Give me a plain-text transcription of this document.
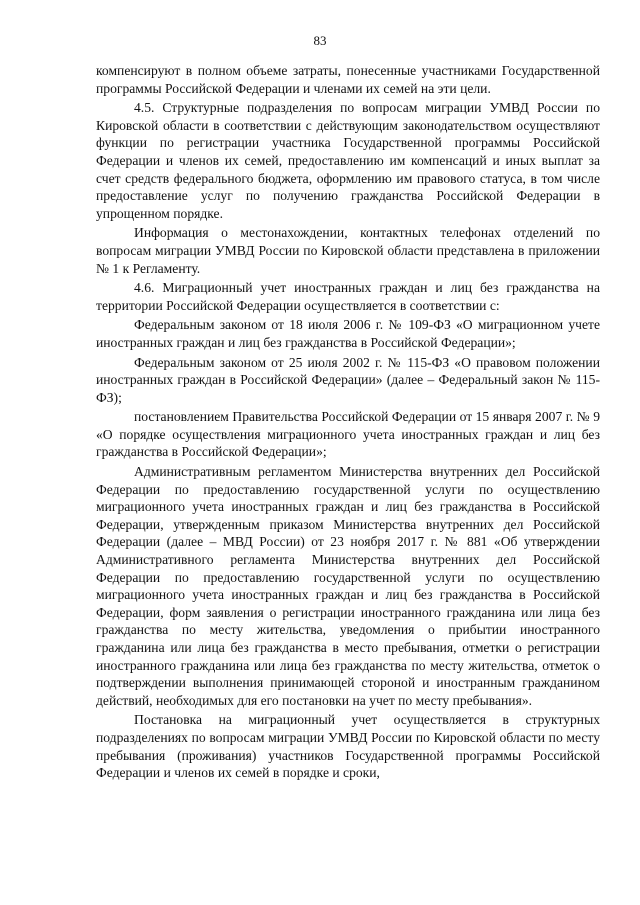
83

компенсируют в полном объеме затраты, понесенные участниками Государственной программы Российской Федерации и членами их семей на эти цели.

4.5. Структурные подразделения по вопросам миграции УМВД России по Кировской области в соответствии с действующим законодательством осуществляют функции по регистрации участника Государственной программы Российской Федерации и членов их семей, предоставлению им компенсаций и иных выплат за счет средств федерального бюджета, оформлению им правового статуса, в том числе предоставление услуг по получению гражданства Российской Федерации в упрощенном порядке.

Информация о местонахождении, контактных телефонах отделений по вопросам миграции УМВД России по Кировской области представлена в приложении № 1 к Регламенту.

4.6. Миграционный учет иностранных граждан и лиц без гражданства на территории Российской Федерации осуществляется в соответствии с:

Федеральным законом от 18 июля 2006 г. № 109-ФЗ «О миграционном учете иностранных граждан и лиц без гражданства в Российской Федерации»;

Федеральным законом от 25 июля 2002 г. № 115-ФЗ «О правовом положении иностранных граждан в Российской Федерации» (далее – Федеральный закон № 115-ФЗ);

постановлением Правительства Российской Федерации от 15 января 2007 г. № 9 «О порядке осуществления миграционного учета иностранных граждан и лиц без гражданства в Российской Федерации»;

Административным регламентом Министерства внутренних дел Российской Федерации по предоставлению государственной услуги по осуществлению миграционного учета иностранных граждан и лиц без гражданства в Российской Федерации, утвержденным приказом Министерства внутренних дел Российской Федерации (далее – МВД России) от 23 ноября 2017 г. № 881 «Об утверждении Административного регламента Министерства внутренних дел Российской Федерации по предоставлению государственной услуги по осуществлению миграционного учета иностранных граждан и лиц без гражданства в Российской Федерации, форм заявления о регистрации иностранного гражданина или лица без гражданства по месту жительства, уведомления о прибытии иностранного гражданина или лица без гражданства в место пребывания, отметки о регистрации иностранного гражданина или лица без гражданства по месту жительства, отметок о подтверждении выполнения принимающей стороной и иностранным гражданином действий, необходимых для его постановки на учет по месту пребывания».

Постановка на миграционный учет осуществляется в структурных подразделениях по вопросам миграции УМВД России по Кировской области по месту пребывания (проживания) участников Государственной программы Российской Федерации и членов их семей в порядке и сроки,
